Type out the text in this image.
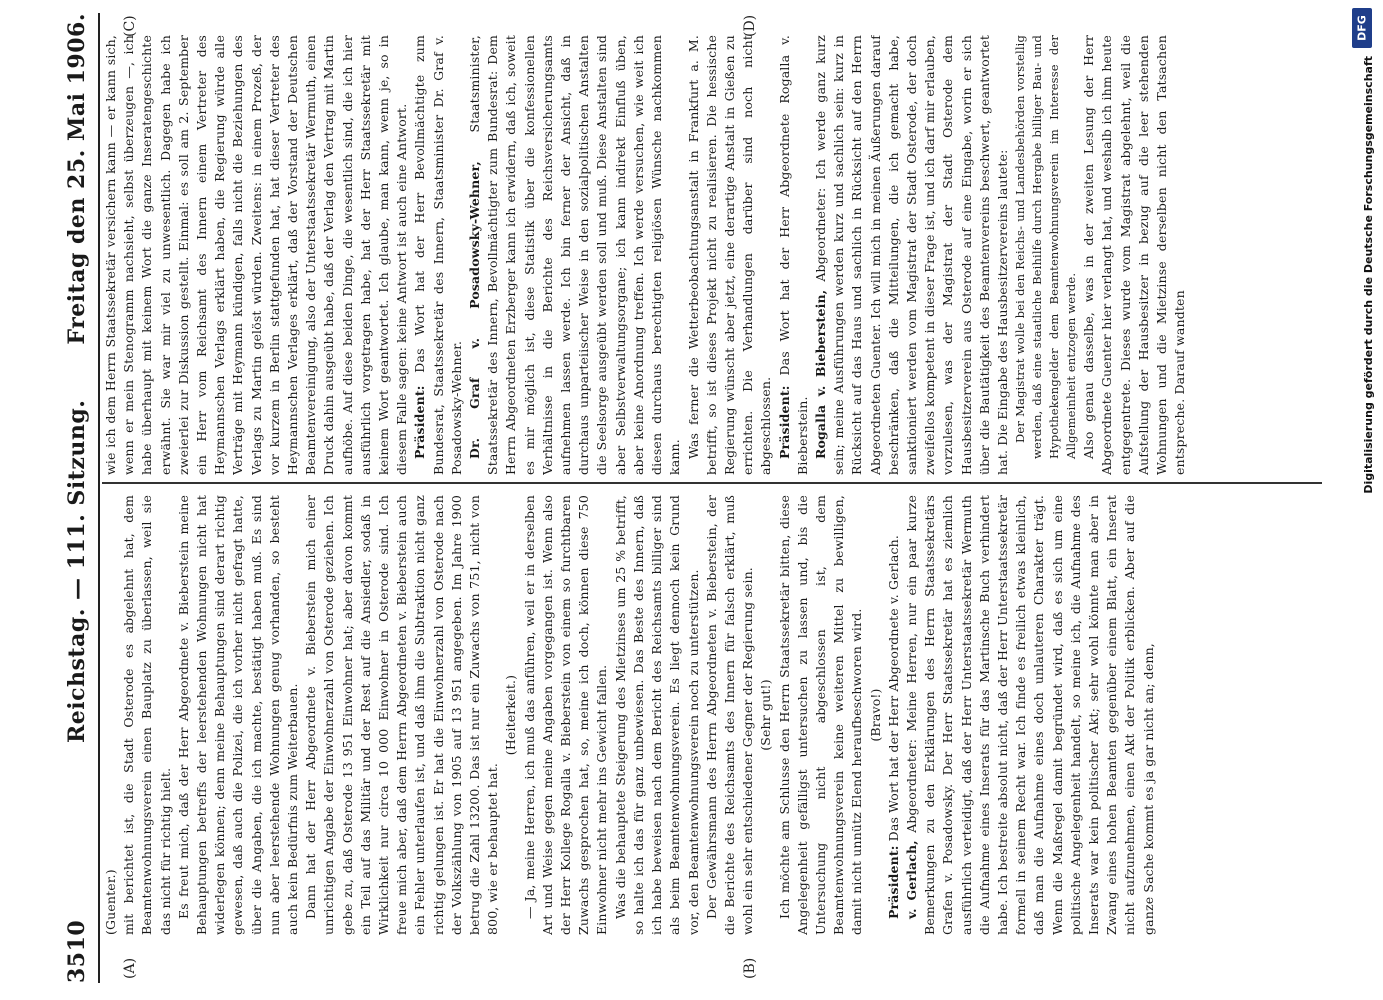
3510
Reichstag. — 111. Sitzung.
Freitag den 25. Mai 1906.
(A)	(B)
(C)	(D)

(Guenter.) mit berichtet ist, die Stadt Osterode es abgelehnt hat, dem Beamtenwohnungsverein einen Bauplatz zu überlassen, weil sie das nicht für richtig hielt. Es freut mich, daß der Herr Abgeordnete v. Bieberstein meine Behauptungen betreffs der leerstehenden Wohnungen nicht hat widerlegen können; denn meine Behauptungen sind derart richtig gewesen, daß auch die Polizei, die ich vorher nicht gefragt hatte, über die Angaben, die ich machte, bestätigt haben muß. Es sind nun aber leerstehende Wohnungen genug vorhanden, so besteht auch kein Bedürfnis zum Weiterbauen. Dann hat der Herr Abgeordnete v. Bieberstein mich einer unrichtigen Angabe der Einwohnerzahl von Osterode geziehen. Ich gebe zu, daß Osterode 13 951 Einwohner hat; aber davon kommt ein Teil auf das Militär und der Rest auf die Ansiedler, sodaß in Wirklichkeit nur circa 10 000 Einwohner in Osterode sind. Ich freue mich aber, daß dem Herrn Abgeordneten v. Bieberstein auch ein Fehler unterlaufen ist, und daß ihm die Subtraktion nicht ganz richtig gelungen ist. Er hat die Einwohnerzahl von Osterode nach der Volkszählung von 1905 auf 13 951 angegeben. Im Jahre 1900 betrug die Zahl 13200. Das ist nur ein Zuwachs von 751, nicht von 800, wie er behauptet hat.

(Heiterkeit.) — Ja, meine Herren, ich muß das anführen, weil er in derselben Art und Weise gegen meine Angaben vorgegangen ist. Wenn also der Herr Kollege Rogalla v. Bieberstein von einem so furchtbaren Zuwachs gesprochen hat, so, meine ich doch, können diese 750 Einwohner nicht mehr ins Gewicht fallen. Was die behauptete Steigerung des Mietzinses um 25 % betrifft, so halte ich das für ganz unbewiesen. Das Beste des Innern, daß ich habe beweisen nach dem Bericht des Reichsamts billiger sind als beim Beamtenwohnungsverein. Es liegt dennoch kein Grund vor, den Beamtenwohnungsverein noch zu unterstützen. Der Gewährsmann des Herrn Abgeordneten v. Bieberstein, der die Berichte des Reichsamts des Innern für falsch erklärt, muß wohl ein sehr entschiedener Gegner der Regierung sein. (Sehr gut!) Ich möchte am Schlusse den Herrn Staatssekretär bitten, diese Angelegenheit gefälligst untersuchen zu lassen und, bis die Untersuchung nicht abgeschlossen ist, dem Beamtenwohnungsverein keine weiteren Mittel zu bewilligen, damit nicht unnütz Elend heraufbeschworen wird. (Bravo!)

Präsident: Das Wort hat der Herr Abgeordnete v. Gerlach.

v. Gerlach, Abgeordneter: Meine Herren, nur ein paar kurze Bemerkungen zu den Erklärungen des Herrn Staatssekretärs Grafen v. Posadowsky. Der Herr Staatssekretär hat es ziemlich ausführlich verteidigt, daß der Herr Unterstaatssekretär Wermuth die Aufnahme eines Inserats für das Martinsche Buch verhindert habe. Ich bestreite absolut nicht, daß der Herr Unterstaatssekretär formell in seinem Recht war. Ich finde es freilich etwas kleinlich, daß man die Aufnahme eines doch unlauteren Charakter trägt. Wenn die Maßregel damit begründet wird, daß es sich um eine politische Angelegenheit handelt, so meine ich, die Aufnahme des Inserats war kein politischer Akt; sehr wohl könnte man aber in Zwang eines hohen Beamten gegenüber einem Blatt, ein Inserat nicht aufzunehmen, einen Akt der Politik erblicken. Aber auf die ganze Sache kommt es ja gar nicht an; denn,

wie ich dem Herrn Staatssekretär versichern kann — er kann sich, wenn er mein Stenogramm nachsieht, selbst überzeugen —, ich habe überhaupt mit keinem Wort die ganze Inseratengeschichte erwähnt. Sie war mir viel zu unwesentlich. Dagegen habe ich zweierlei zur Diskussion gestellt. Einmal: es soll am 2. September ein Herr vom Reichsamt des Innern einem Vertreter des Heymannschen Verlags erklärt haben, die Regierung würde alle Verträge mit Heymann kündigen, falls nicht die Beziehungen des Verlags zu Martin gelöst würden. Zweitens: in einem Prozeß, der vor kurzem in Berlin stattgefunden hat, hat dieser Vertreter des Heymannschen Verlages erklärt, daß der Vorstand der Deutschen Beamtenvereinigung, also der Unterstaatssekretär Wermuth, einen Druck dahin ausgeübt habe, daß der Verlag den Vertrag mit Martin aufhöbe. Auf diese beiden Dinge, die wesentlich sind, die ich hier ausführlich vorgetragen habe, hat der Herr Staatssekretär mit keinem Wort geantwortet. Ich glaube, man kann, wenn je, so in diesem Falle sagen: keine Antwort ist auch eine Antwort. Präsident: Das Wort hat der Herr Bevollmächtigte zum Bundesrat, Staatssekretär des Innern, Staatsminister Dr. Graf v. Posadowsky-Wehner. Dr. Graf v. Posadowsky-Wehner, Staatsminister, Staatssekretär des Innern, Bevollmächtigter zum Bundesrat: Dem Herrn Abgeordneten Erzberger kann ich erwidern, daß ich, soweit es mir möglich ist, diese Statistik über die konfessionellen Verhältnisse in die Berichte des Reichsversicherungsamts aufnehmen lassen werde. Ich bin ferner der Ansicht, daß in durchaus unparteiischer Weise in den sozialpolitischen Anstalten die Seelsorge ausgeübt werden soll und muß. Diese Anstalten sind aber Selbstverwaltungsorgane; ich kann indirekt Einfluß üben, aber keine Anordnung treffen. Ich werde versuchen, wie weit ich diesen durchaus berechtigten religiösen Wünsche nachkommen kann. Was ferner die Wetterbeobachtungsanstalt in Frankfurt a. M. betrifft, so ist dieses Projekt nicht zu realisieren. Die hessische Regierung wünscht aber jetzt, eine derartige Anstalt in Gießen zu errichten. Die Verhandlungen darüber sind noch nicht abgeschlossen. Präsident: Das Wort hat der Herr Abgeordnete Rogalla v. Bieberstein. Rogalla v. Bieberstein, Abgeordneter: Ich werde ganz kurz sein; meine Ausführungen werden kurz und sachlich sein: kurz in Rücksicht auf das Haus und sachlich in Rücksicht auf den Herrn Abgeordneten Guenter. Ich will mich in meinen Äußerungen darauf beschränken, daß die Mitteilungen, die ich gemacht habe, sanktioniert werden vom Magistrat der Stadt Osterode, der doch zweifellos kompetent in dieser Frage ist, und ich darf mir erlauben, vorzulesen, was der Magistrat der Stadt Osterode dem Hausbesitzerverein aus Osterode auf eine Eingabe, worin er sich über die Bautätigkeit des Beamtenvereins beschwert, geantwortet hat. Die Eingabe des Hausbesitzervereins lautete: Der Magistrat wolle bei den Reichs- und Landesbehörden vorstellig werden, daß eine staatliche Beihilfe durch Hergabe billiger Bau- und Hypothekengelder dem Beamtenwohnungsverein im Interesse der Allgemeinheit entzogen werde. Also genau dasselbe, was in der zweiten Lesung der Herr Abgeordnete Guenter hier verlangt hat, und weshalb ich ihm heute entgegentrete. Dieses wurde vom Magistrat abgelehnt, weil die Aufstellung der Hausbesitzer in bezug auf die leer stehenden Wohnungen und die Mietzinse derselben nicht den Tatsachen entspreche. Darauf wandten

DFG
Digitalisierung gefördert durch die Deutsche Forschungsgemeinschaft
